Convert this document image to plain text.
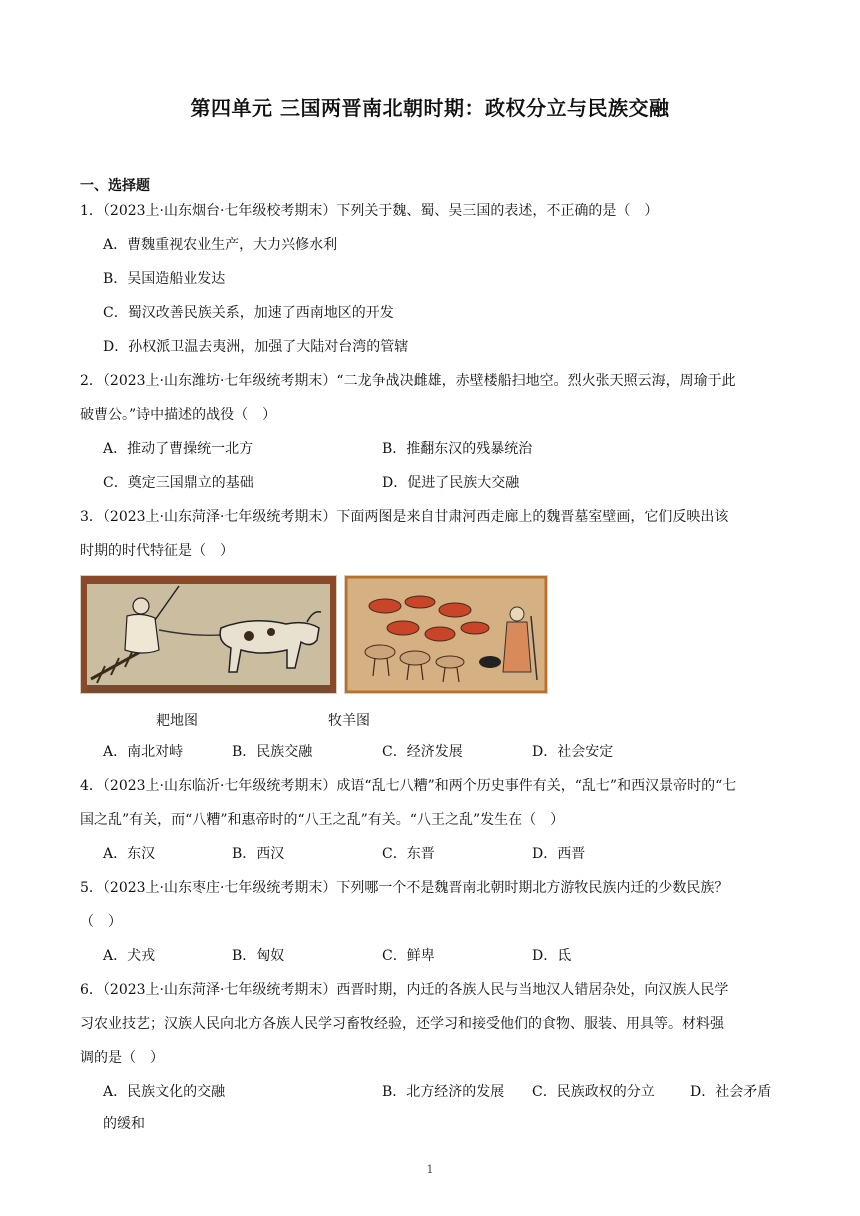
第四单元 三国两晋南北朝时期：政权分立与民族交融
一、选择题
1．（2023上·山东烟台·七年级校考期末）下列关于魏、蜀、吴三国的表述，不正确的是（　）
A．曹魏重视农业生产，大力兴修水利
B．吴国造船业发达
C．蜀汉改善民族关系，加速了西南地区的开发
D．孙权派卫温去夷洲，加强了大陆对台湾的管辖
2．（2023上·山东潍坊·七年级统考期末）“二龙争战决雌雄，赤壁楼船扫地空。烈火张天照云海，周瑜于此
破曹公。”诗中描述的战役（　）
A．推动了曹操统一北方	B．推翻东汉的残暴统治
C．奠定三国鼎立的基础	D．促进了民族大交融
3．（2023上·山东菏泽·七年级统考期末）下面两图是来自甘肃河西走廊上的魏晋墓室壁画，它们反映出该
时期的时代特征是（　）
耙地图	牧羊图
A．南北对峙	B．民族交融	C．经济发展	D．社会安定
4．（2023上·山东临沂·七年级统考期末）成语“乱七八糟”和两个历史事件有关，“乱七”和西汉景帝时的“七
国之乱”有关，而“八糟”和惠帝时的“八王之乱”有关。“八王之乱”发生在（　）
A．东汉	B．西汉	C．东晋	D．西晋
5．（2023上·山东枣庄·七年级统考期末）下列哪一个不是魏晋南北朝时期北方游牧民族内迁的少数民族？
（　）
A．犬戎	B．匈奴	C．鲜卑	D．氐
6．（2023上·山东菏泽·七年级统考期末）西晋时期，内迁的各族人民与当地汉人错居杂处，向汉族人民学
习农业技艺；汉族人民向北方各族人民学习畜牧经验，还学习和接受他们的食物、服装、用具等。材料强
调的是（　）
A．民族文化的交融	B．北方经济的发展 C．民族政权的分立	D．社会矛盾
的缓和
1
